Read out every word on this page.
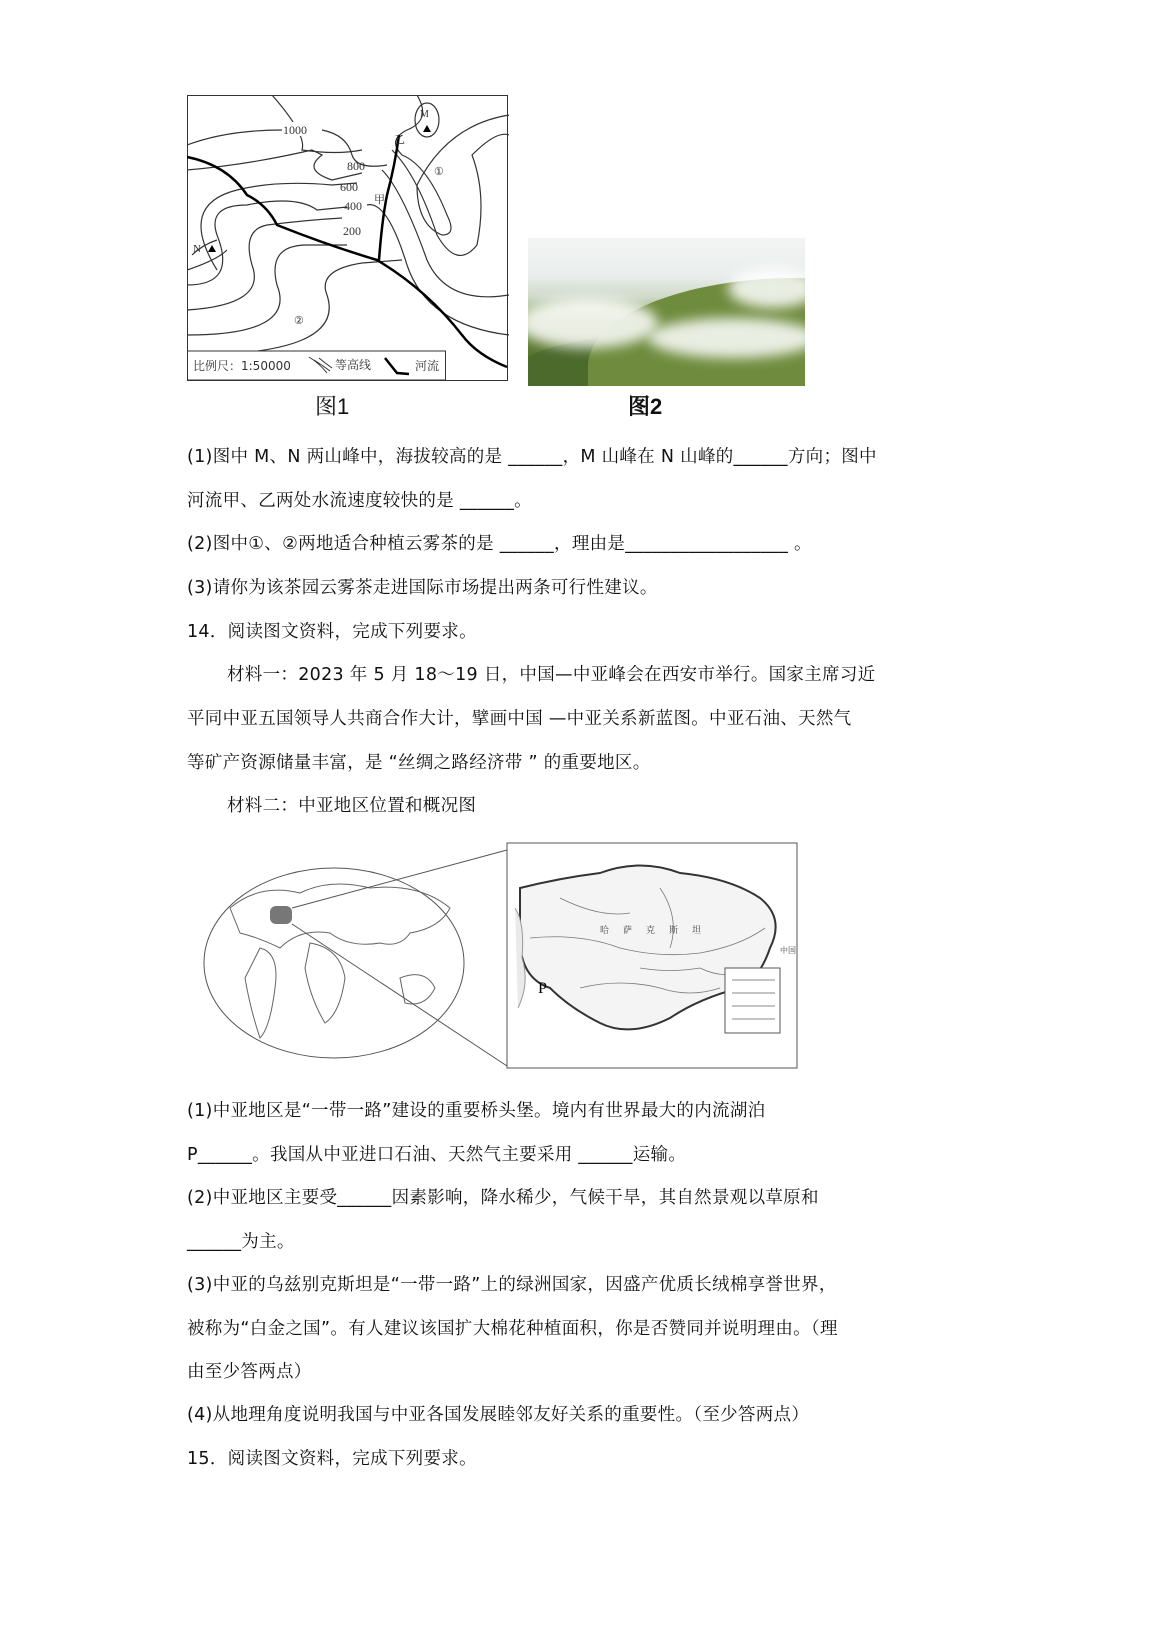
1000
800
600
400
200
M
N
甲
乙
①
②
比例尺：1:50000	等高线	河流
图1	图2
(1)图中 M、N 两山峰中，海拔较高的是 ______，M 山峰在 N 山峰的______方向；图中
河流甲、乙两处水流速度较快的是 ______。
(2)图中①、②两地适合种植云雾茶的是 ______，理由是__________________ 。
(3)请你为该茶园云雾茶走进国际市场提出两条可行性建议。
14．阅读图文资料，完成下列要求。
材料一：2023 年 5 月 18～19 日，中国—中亚峰会在西安市举行。国家主席习近
平同中亚五国领导人共商合作大计，擘画中国 —中亚关系新蓝图。中亚石油、天然气
等矿产资源储量丰富，是 “丝绸之路经济带 ” 的重要地区。
材料二：中亚地区位置和概况图
P
哈萨克斯坦
中国
(1)中亚地区是“一带一路”建设的重要桥头堡。境内有世界最大的内流湖泊
P______。我国从中亚进口石油、天然气主要采用 ______运输。
(2)中亚地区主要受______因素影响，降水稀少，气候干旱，其自然景观以草原和
______为主。
(3)中亚的乌兹别克斯坦是“一带一路”上的绿洲国家，因盛产优质长绒棉享誉世界，
被称为“白金之国”。有人建议该国扩大棉花种植面积，你是否赞同并说明理由。（理
由至少答两点）
(4)从地理角度说明我国与中亚各国发展睦邻友好关系的重要性。（至少答两点）
15．阅读图文资料，完成下列要求。
